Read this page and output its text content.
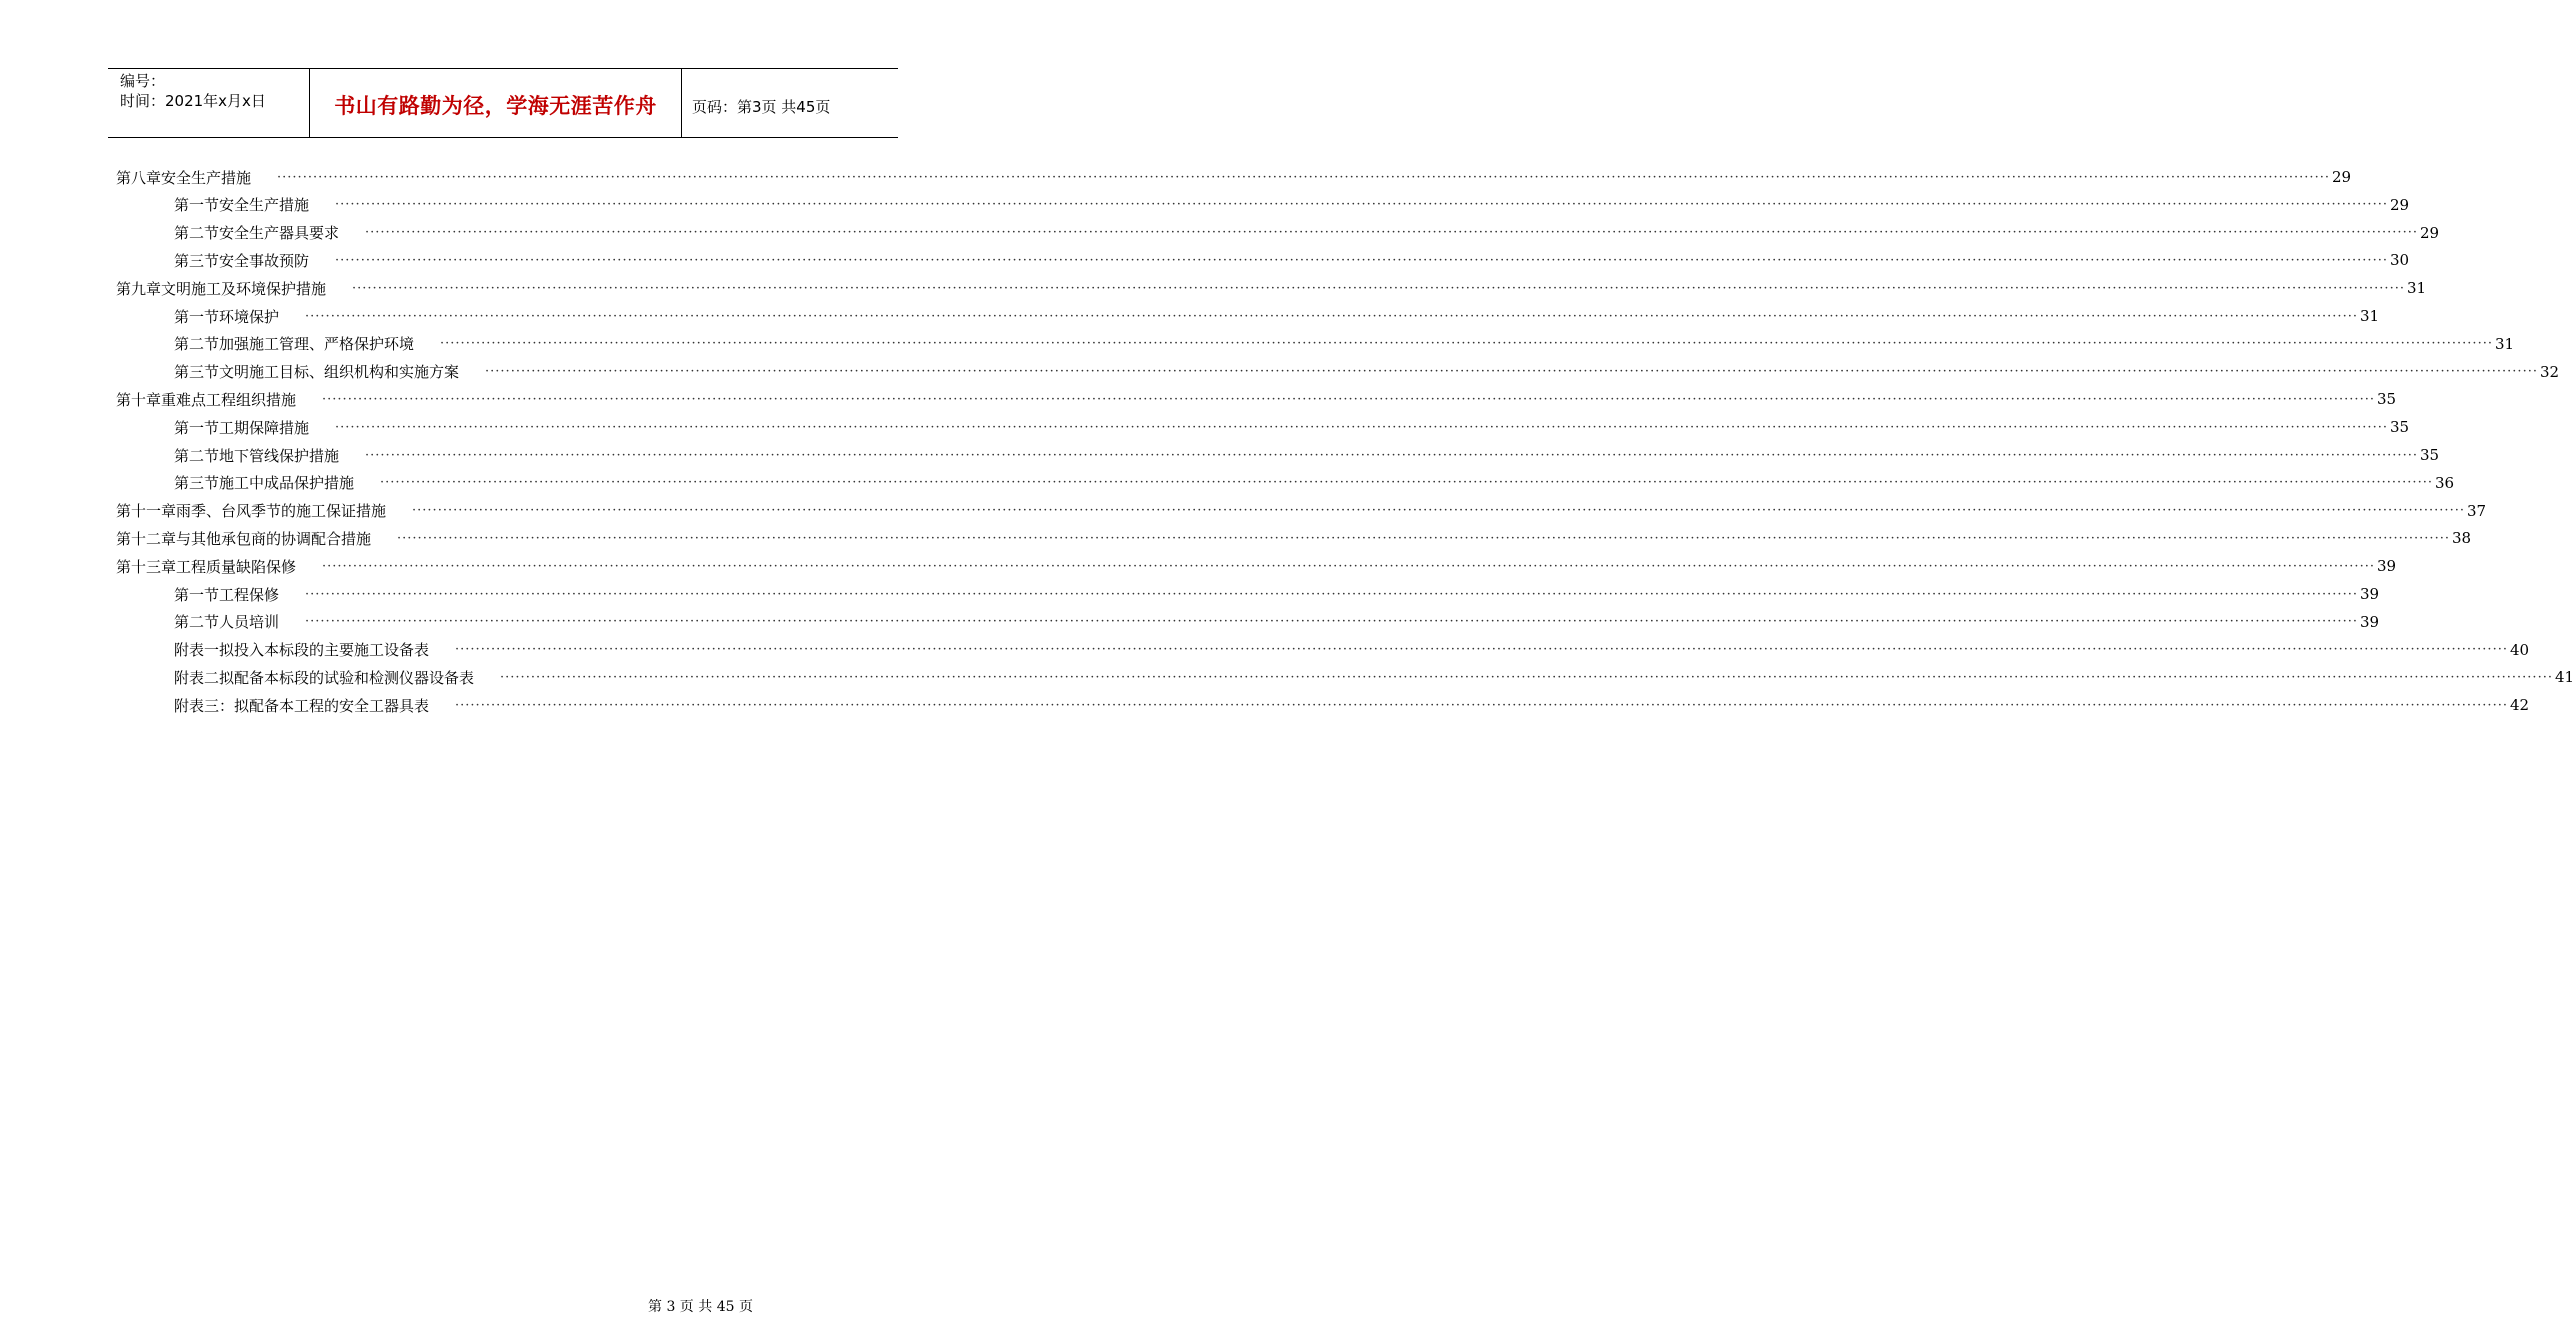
编号：
时间：2021年x月x日	书山有路勤为径，学海无涯苦作舟 页码：第3页 共45页
第八章 安全生产措施 ················································································································································································································································································································································································································ 29
第一节 安全生产措施 ················································································································································································································································································································································································································ 29
第二节 安全生产器具要求 ················································································································································································································································································································································································································ 29
第三节 安全事故预防 ················································································································································································································································································································································································································ 30
第九章 文明施工及环境保护措施 ················································································································································································································································································································································································································ 31
第一节 环境保护 ················································································································································································································································································································································································································ 31
第二节 加强施工管理、严格保护环境 ················································································································································································································································································································································································································ 31
第三节 文明施工目标、组织机构和实施方案 ················································································································································································································································································································································································································ 32
第十章 重难点工程组织措施 ················································································································································································································································································································································································································ 35
第一节 工期保障措施 ················································································································································································································································································································································································································ 35
第二节 地下管线保护措施 ················································································································································································································································································································································································································ 35
第三节 施工中成品保护措施 ················································································································································································································································································································································································································ 36
第十一章 雨季、台风季节的施工保证措施 ················································································································································································································································································································································································································ 37
第十二章 与其他承包商的协调配合措施 ················································································································································································································································································································································································································ 38
第十三章 工程质量缺陷保修 ················································································································································································································································································································································································································ 39
第一节 工程保修 ················································································································································································································································································································································································································ 39
第二节 人员培训 ················································································································································································································································································································································································································ 39
附表一 拟投入本标段的主要施工设备表 ················································································································································································································································································································································································································ 40
附表二 拟配备本标段的试验和检测仪器设备表 ················································································································································································································································································································································································································ 41
附表三： 拟配备本工程的安全工器具表 ················································································································································································································································································································································································································ 42
第 3 页 共 45 页
